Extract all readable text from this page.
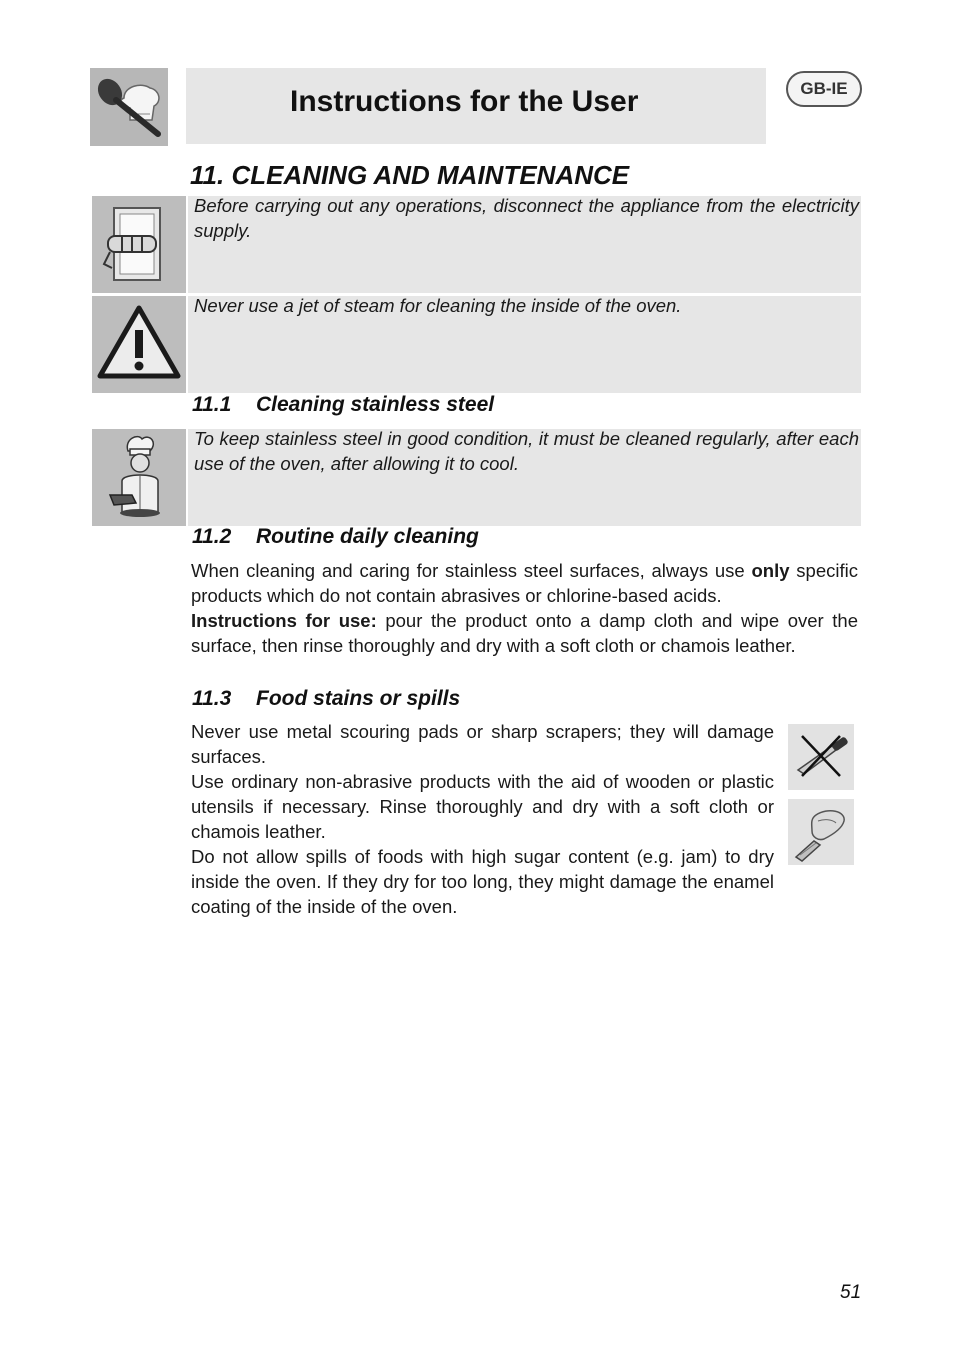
Instructions for the User	GB-IE
11. CLEANING AND MAINTENANCE
Before carrying out any operations, disconnect the appliance from the electricity supply.
Never use a jet of steam for cleaning the inside of the oven.
11.1 Cleaning stainless steel
To keep stainless steel in good condition, it must be cleaned regularly, after each use of the oven, after allowing it to cool.
11.2 Routine daily cleaning

When cleaning and caring for stainless steel surfaces, always use only specific products which do not contain abrasives or chlorine-based acids.

Instructions for use: pour the product onto a damp cloth and wipe over the surface, then rinse thoroughly and dry with a soft cloth or chamois leather.

11.3 Food stains or spills

Never use metal scouring pads or sharp scrapers; they will damage surfaces.

Use ordinary non-abrasive products with the aid of wooden or plastic utensils if necessary. Rinse thoroughly and dry with a soft cloth or chamois leather.

Do not allow spills of foods with high sugar content (e.g. jam) to dry inside the oven. If they dry for too long, they might damage the enamel coating of the inside of the oven.

51
